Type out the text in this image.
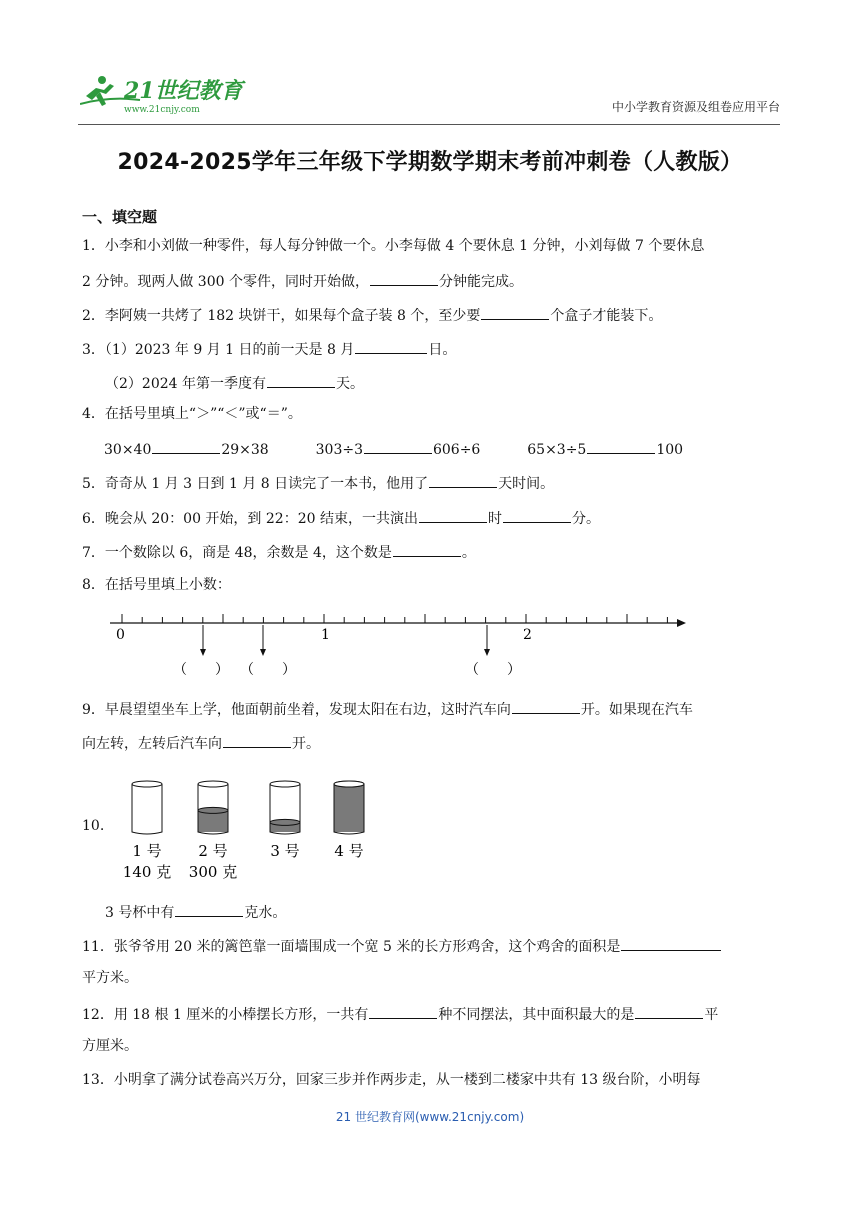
21世纪教育
www.21cnjy.com	中小学教育资源及组卷应用平台
2024-2025学年三年级下学期数学期末考前冲刺卷（人教版）
一、填空题
1．小李和小刘做一种零件，每人每分钟做一个。小李每做 4 个要休息 1 分钟，小刘每做 7 个要休息
2 分钟。现两人做 300 个零件，同时开始做，	分钟能完成。
2．李阿姨一共烤了 182 块饼干，如果每个盒子装 8 个，至少要	个盒子才能装下。
3．（1）2023 年 9 月 1 日的前一天是 8 月	日。
（2）2024 年第一季度有	天。
4．在括号里填上“＞”“＜”或“＝”。
30×40	29×38	303÷3	606÷6	65×3÷5	100
5．奇奇从 1 月 3 日到 1 月 8 日读完了一本书，他用了	天时间。
6．晚会从 20：00 开始，到 22：20 结束，一共演出	时	分。
7．一个数除以 6，商是 48，余数是 4，这个数是	。
8．在括号里填上小数：
0	1	2
（　　） （　　）	（　　）
9．早晨望望坐车上学，他面朝前坐着，发现太阳在右边，这时汽车向	开。如果现在汽车
向左转，左转后汽车向	开。
10.
1 号
140 克
2 号
300 克
3 号 4 号
3 号杯中有	克水。
11．张爷爷用 20 米的篱笆靠一面墙围成一个宽 5 米的长方形鸡舍，这个鸡舍的面积是
平方米。
12．用 18 根 1 厘米的小棒摆长方形，一共有	种不同摆法，其中面积最大的是	平
方厘米。
13．小明拿了满分试卷高兴万分，回家三步并作两步走，从一楼到二楼家中共有 13 级台阶，小明每
21 世纪教育网(www.21cnjy.com)
